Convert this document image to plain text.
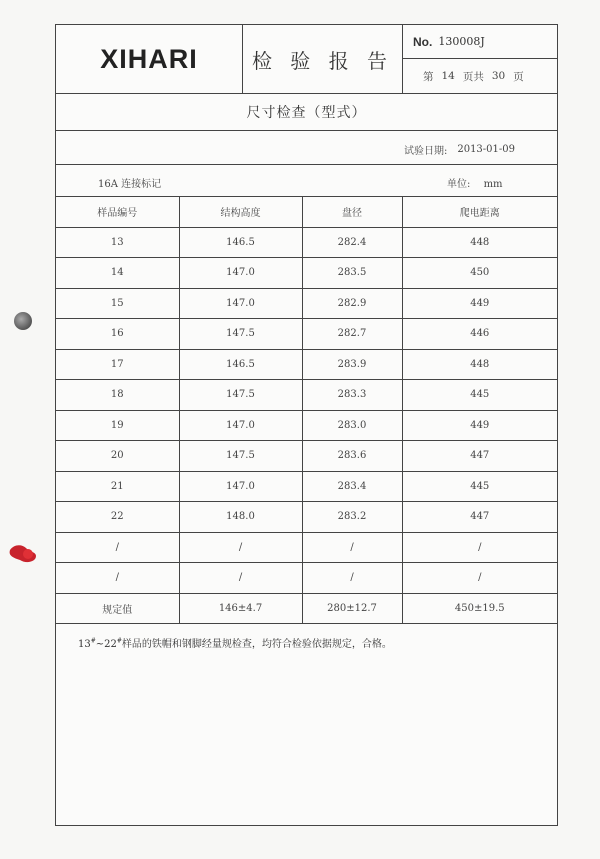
XIHARI	检 验 报 告
No. 130008J
第 14 页共 30 页
尺寸检查（型式）
试验日期: 2013-01-09
16A 连接标记	单位: mm
样品编号	结构高度	盘径	爬电距离
13	146.5	282.4	448
14	147.0	283.5	450
15	147.0	282.9	449
16	147.5	282.7	446
17	146.5	283.9	448
18	147.5	283.3	445
19	147.0	283.0	449
20	147.5	283.6	447
21	147.0	283.4	445
22	148.0	283.2	447
/	/	/	/
/	/	/	/
规定值	146±4.7	280±12.7	450±19.5
13#~22#样品的铁帽和钢脚经量规检查，均符合检验依据规定，合格。
